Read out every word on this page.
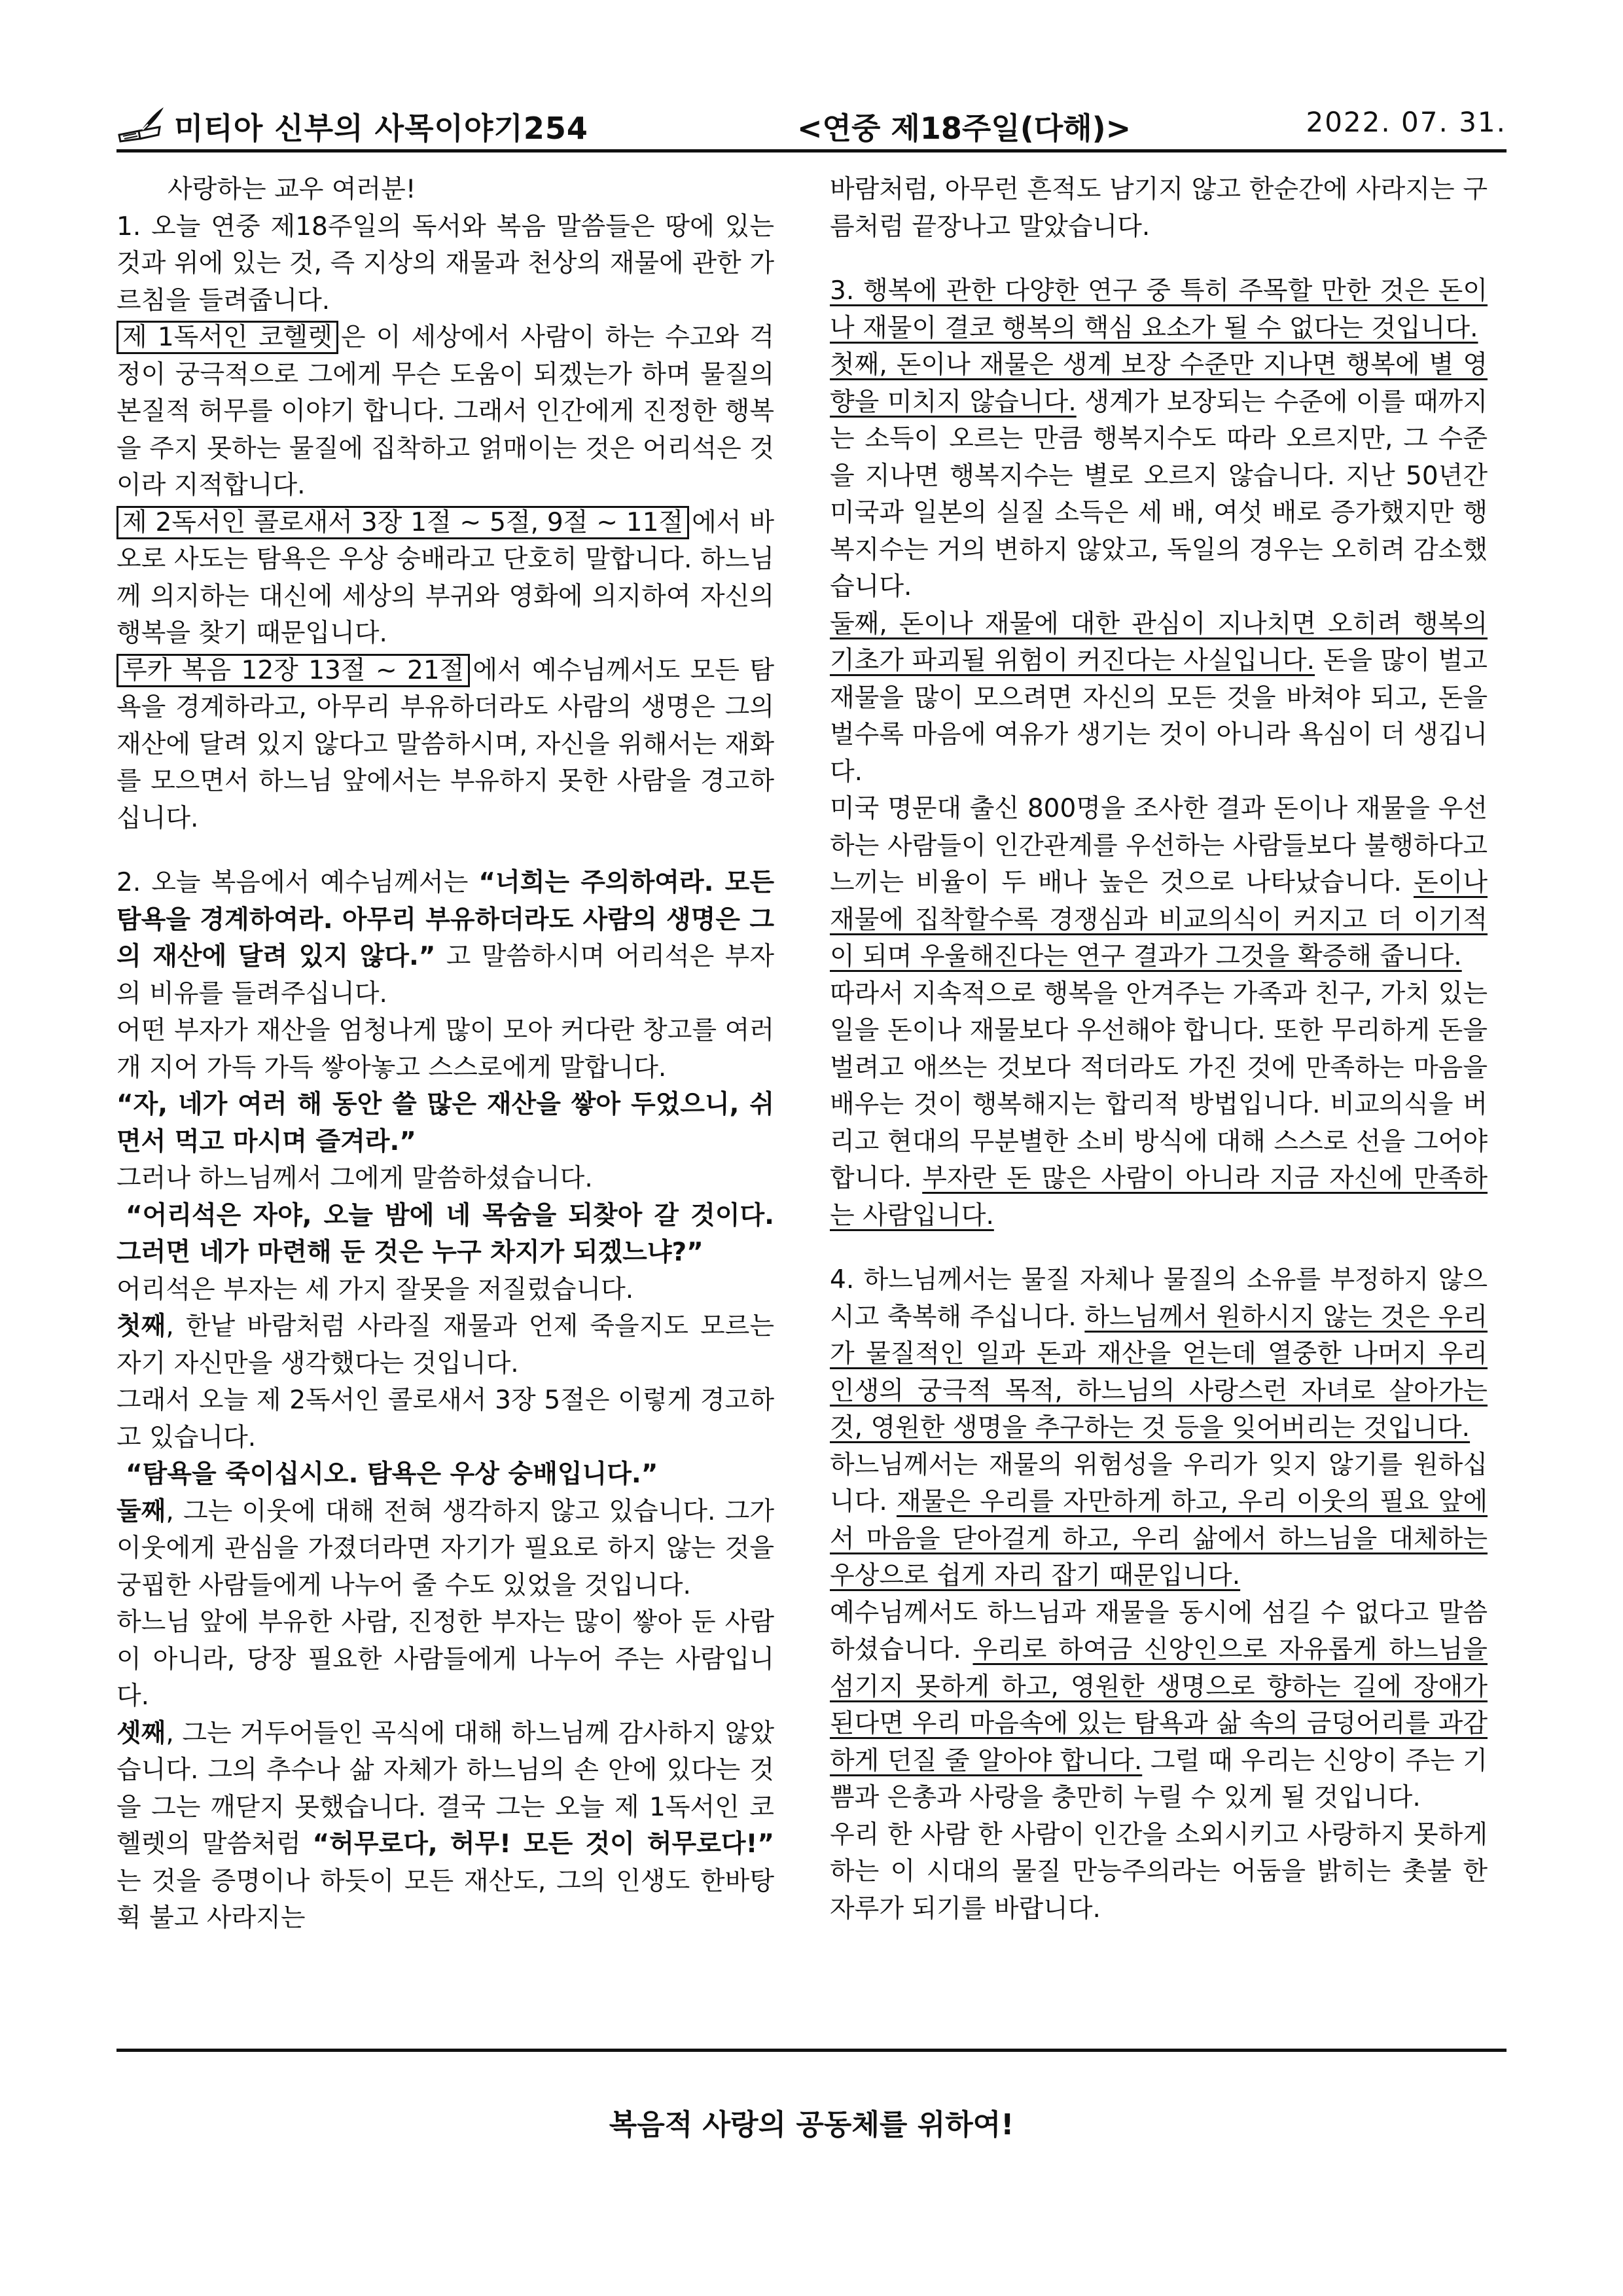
미티아 신부의 사목이야기254	<연중 제18주일(다해)>	2022. 07. 31.

사랑하는 교우 여러분!

1. 오늘 연중 제18주일의 독서와 복음 말씀들은 땅에 있는 것과 위에 있는 것, 즉 지상의 재물과 천상의 재물에 관한 가르침을 들려줍니다.

제 1독서인 코헬렛 은 이 세상에서 사람이 하는 수고와 걱정이 궁극적으로 그에게 무슨 도움이 되겠는가 하며 물질의 본질적 허무를 이야기 합니다. 그래서 인간에게 진정한 행복을 주지 못하는 물질에 집착하고 얽매이는 것은 어리석은 것이라 지적합니다.

제 2독서인 콜로새서 3장 1절 ~ 5절, 9절 ~ 11절 에서 바오로 사도는 탐욕은 우상 숭배라고 단호히 말합니다. 하느님께 의지하는 대신에 세상의 부귀와 영화에 의지하여 자신의 행복을 찾기 때문입니다.

루카 복음 12장 13절 ~ 21절 에서 예수님께서도 모든 탐욕을 경계하라고, 아무리 부유하더라도 사람의 생명은 그의 재산에 달려 있지 않다고 말씀하시며, 자신을 위해서는 재화를 모으면서 하느님 앞에서는 부유하지 못한 사람을 경고하십니다.

2. 오늘 복음에서 예수님께서는 “너희는 주의하여라. 모든 탐욕을 경계하여라. 아무리 부유하더라도 사람의 생명은 그의 재산에 달려 있지 않다.” 고 말씀하시며 어리석은 부자의 비유를 들려주십니다.

어떤 부자가 재산을 엄청나게 많이 모아 커다란 창고를 여러 개 지어 가득 가득 쌓아놓고 스스로에게 말합니다.

“자, 네가 여러 해 동안 쓸 많은 재산을 쌓아 두었으니, 쉬면서 먹고 마시며 즐겨라.”

그러나 하느님께서 그에게 말씀하셨습니다.

“어리석은 자야, 오늘 밤에 네 목숨을 되찾아 갈 것이다. 그러면 네가 마련해 둔 것은 누구 차지가 되겠느냐?”

어리석은 부자는 세 가지 잘못을 저질렀습니다.

첫째, 한낱 바람처럼 사라질 재물과 언제 죽을지도 모르는 자기 자신만을 생각했다는 것입니다.

그래서 오늘 제 2독서인 콜로새서 3장 5절은 이렇게 경고하고 있습니다.

“탐욕을 죽이십시오. 탐욕은 우상 숭배입니다.”

둘째, 그는 이웃에 대해 전혀 생각하지 않고 있습니다. 그가 이웃에게 관심을 가졌더라면 자기가 필요로 하지 않는 것을 궁핍한 사람들에게 나누어 줄 수도 있었을 것입니다.

하느님 앞에 부유한 사람, 진정한 부자는 많이 쌓아 둔 사람이 아니라, 당장 필요한 사람들에게 나누어 주는 사람입니다.

셋째, 그는 거두어들인 곡식에 대해 하느님께 감사하지 않았습니다. 그의 추수나 삶 자체가 하느님의 손 안에 있다는 것을 그는 깨닫지 못했습니다. 결국 그는 오늘 제 1독서인 코헬렛의 말씀처럼 “허무로다, 허무! 모든 것이 허무로다!” 는 것을 증명이나 하듯이 모든 재산도, 그의 인생도 한바탕 휙 불고 사라지는

바람처럼, 아무런 흔적도 남기지 않고 한순간에 사라지는 구름처럼 끝장나고 말았습니다.

3. 행복에 관한 다양한 연구 중 특히 주목할 만한 것은 돈이나 재물이 결코 행복의 핵심 요소가 될 수 없다는 것입니다.

첫째, 돈이나 재물은 생계 보장 수준만 지나면 행복에 별 영향을 미치지 않습니다. 생계가 보장되는 수준에 이를 때까지는 소득이 오르는 만큼 행복지수도 따라 오르지만, 그 수준을 지나면 행복지수는 별로 오르지 않습니다. 지난 50년간 미국과 일본의 실질 소득은 세 배, 여섯 배로 증가했지만 행복지수는 거의 변하지 않았고, 독일의 경우는 오히려 감소했습니다.

둘째, 돈이나 재물에 대한 관심이 지나치면 오히려 행복의 기초가 파괴될 위험이 커진다는 사실입니다. 돈을 많이 벌고 재물을 많이 모으려면 자신의 모든 것을 바쳐야 되고, 돈을 벌수록 마음에 여유가 생기는 것이 아니라 욕심이 더 생깁니다.

미국 명문대 출신 800명을 조사한 결과 돈이나 재물을 우선하는 사람들이 인간관계를 우선하는 사람들보다 불행하다고 느끼는 비율이 두 배나 높은 것으로 나타났습니다. 돈이나 재물에 집착할수록 경쟁심과 비교의식이 커지고 더 이기적이 되며 우울해진다는 연구 결과가 그것을 확증해 줍니다.

따라서 지속적으로 행복을 안겨주는 가족과 친구, 가치 있는 일을 돈이나 재물보다 우선해야 합니다. 또한 무리하게 돈을 벌려고 애쓰는 것보다 적더라도 가진 것에 만족하는 마음을 배우는 것이 행복해지는 합리적 방법입니다. 비교의식을 버리고 현대의 무분별한 소비 방식에 대해 스스로 선을 그어야 합니다. 부자란 돈 많은 사람이 아니라 지금 자신에 만족하는 사람입니다.

4. 하느님께서는 물질 자체나 물질의 소유를 부정하지 않으시고 축복해 주십니다. 하느님께서 원하시지 않는 것은 우리가 물질적인 일과 돈과 재산을 얻는데 열중한 나머지 우리 인생의 궁극적 목적, 하느님의 사랑스런 자녀로 살아가는 것, 영원한 생명을 추구하는 것 등을 잊어버리는 것입니다.

하느님께서는 재물의 위험성을 우리가 잊지 않기를 원하십니다. 재물은 우리를 자만하게 하고, 우리 이웃의 필요 앞에서 마음을 닫아걸게 하고, 우리 삶에서 하느님을 대체하는 우상으로 쉽게 자리 잡기 때문입니다.

예수님께서도 하느님과 재물을 동시에 섬길 수 없다고 말씀하셨습니다. 우리로 하여금 신앙인으로 자유롭게 하느님을 섬기지 못하게 하고, 영원한 생명으로 향하는 길에 장애가 된다면 우리 마음속에 있는 탐욕과 삶 속의 금덩어리를 과감하게 던질 줄 알아야 합니다. 그럴 때 우리는 신앙이 주는 기쁨과 은총과 사랑을 충만히 누릴 수 있게 될 것입니다.

우리 한 사람 한 사람이 인간을 소외시키고 사랑하지 못하게 하는 이 시대의 물질 만능주의라는 어둠을 밝히는 촛불 한 자루가 되기를 바랍니다.

복음적 사랑의 공동체를 위하여!
